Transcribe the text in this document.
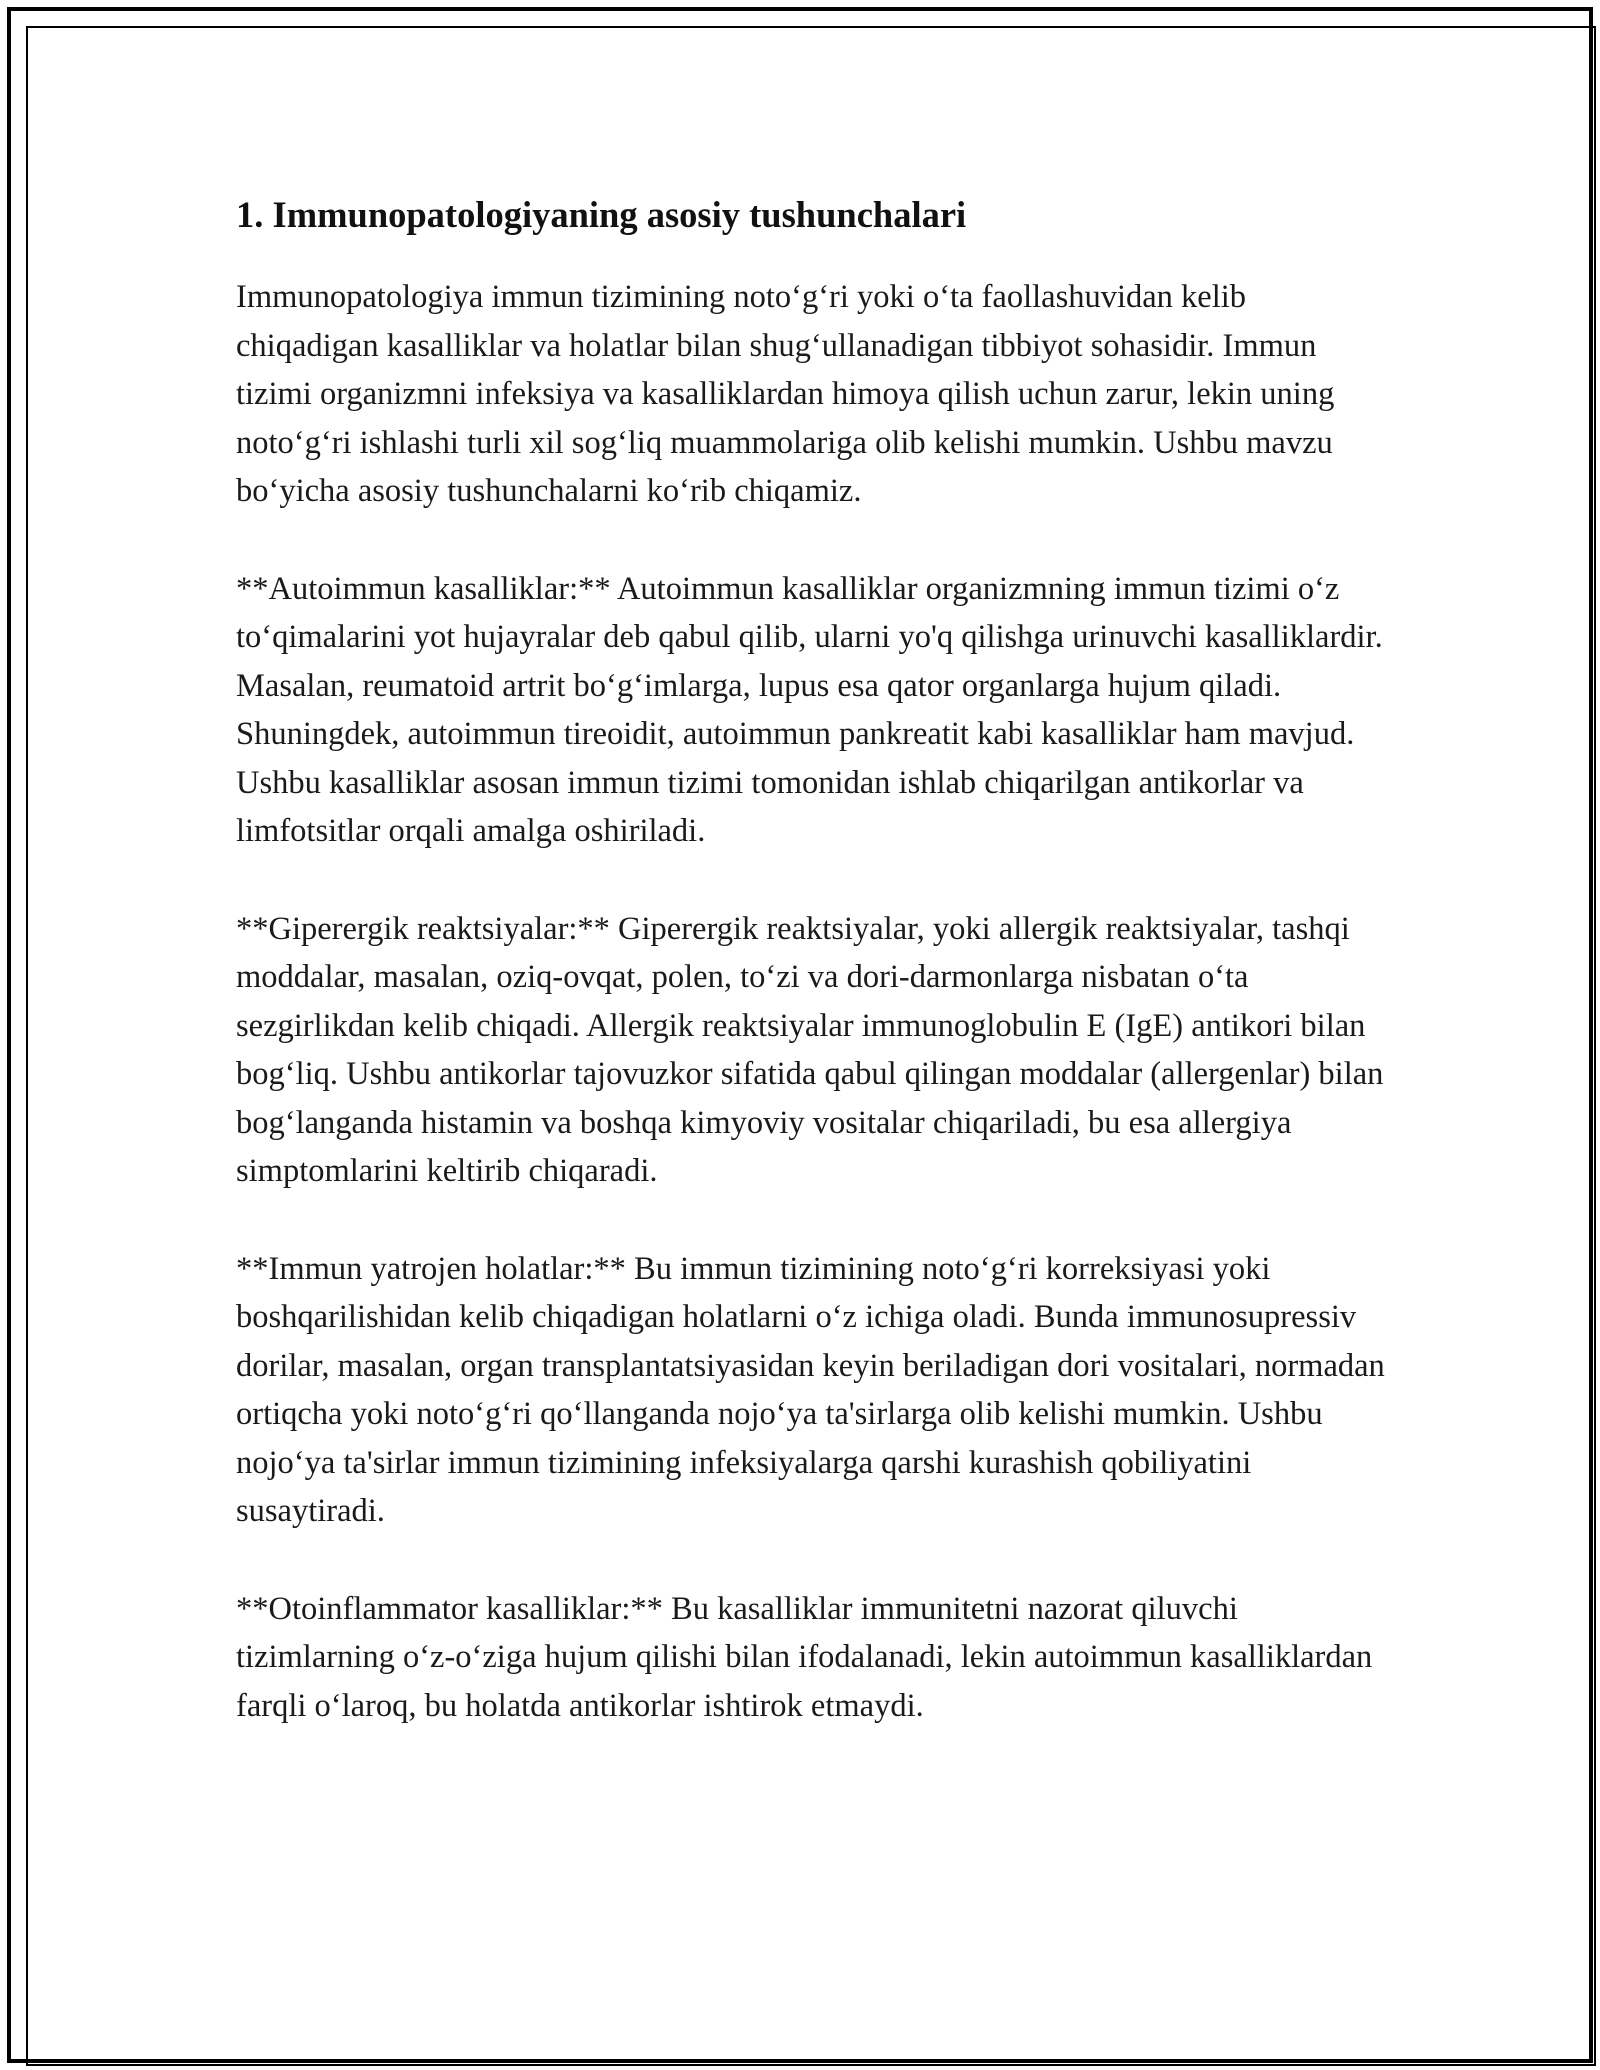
1. Immunopatologiyaning asosiy tushunchalari

Immunopatologiya immun tizimining noto‘g‘ri yoki o‘ta faollashuvidan kelib chiqadigan kasalliklar va holatlar bilan shug‘ullanadigan tibbiyot sohasidir. Immun tizimi organizmni infeksiya va kasalliklardan himoya qilish uchun zarur, lekin uning noto‘g‘ri ishlashi turli xil sog‘liq muammolariga olib kelishi mumkin. Ushbu mavzu bo‘yicha asosiy tushunchalarni ko‘rib chiqamiz.

**Autoimmun kasalliklar:** Autoimmun kasalliklar organizmning immun tizimi o‘z to‘qimalarini yot hujayralar deb qabul qilib, ularni yo'q qilishga urinuvchi kasalliklardir. Masalan, reumatoid artrit bo‘g‘imlarga, lupus esa qator organlarga hujum qiladi. Shuningdek, autoimmun tireoidit, autoimmun pankreatit kabi kasalliklar ham mavjud. Ushbu kasalliklar asosan immun tizimi tomonidan ishlab chiqarilgan antikorlar va limfotsitlar orqali amalga oshiriladi.

**Giperergik reaktsiyalar:** Giperergik reaktsiyalar, yoki allergik reaktsiyalar, tashqi moddalar, masalan, oziq-ovqat, polen, to‘zi va dori-darmonlarga nisbatan o‘ta sezgirlikdan kelib chiqadi. Allergik reaktsiyalar immunoglobulin E (IgE) antikori bilan bog‘liq. Ushbu antikorlar tajovuzkor sifatida qabul qilingan moddalar (allergenlar) bilan bog‘langanda histamin va boshqa kimyoviy vositalar chiqariladi, bu esa allergiya simptomlarini keltirib chiqaradi.

**Immun yatrojen holatlar:** Bu immun tizimining noto‘g‘ri korreksiyasi yoki boshqarilishidan kelib chiqadigan holatlarni o‘z ichiga oladi. Bunda immunosupressiv dorilar, masalan, organ transplantatsiyasidan keyin beriladigan dori vositalari, normadan ortiqcha yoki noto‘g‘ri qo‘llanganda nojo‘ya ta'sirlarga olib kelishi mumkin. Ushbu nojo‘ya ta'sirlar immun tizimining infeksiyalarga qarshi kurashish qobiliyatini susaytiradi.

**Otoinflammator kasalliklar:** Bu kasalliklar immunitetni nazorat qiluvchi tizimlarning o‘z-o‘ziga hujum qilishi bilan ifodalanadi, lekin autoimmun kasalliklardan farqli o‘laroq, bu holatda antikorlar ishtirok etmaydi.
